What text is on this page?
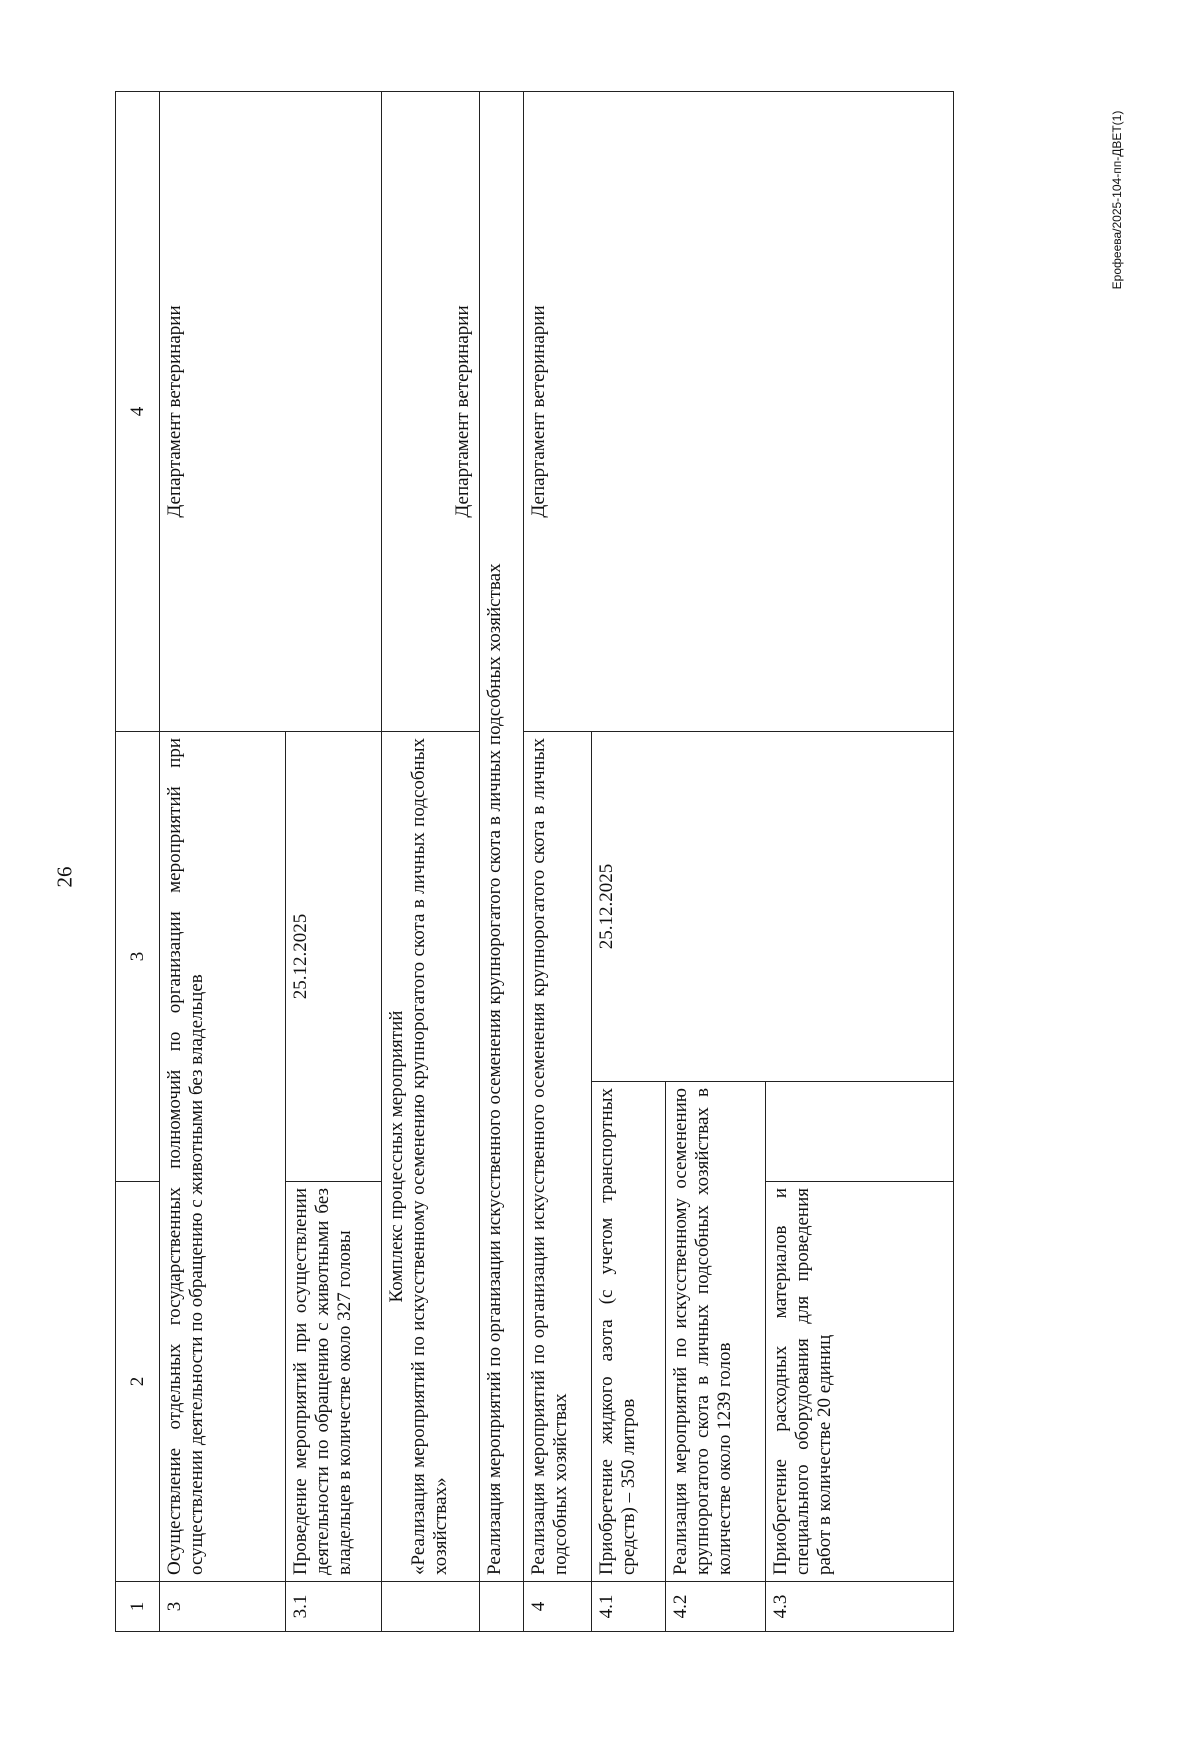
26
Ерофеева/2025-104-пп-ДВЕТ(1)
1	2	3		4
3	Осуществление отдельных государственных полномочий по организации мероприятий при осуществлении деятельности по обращению с животными без владельцев			Департамент ветеринарии
3.1	Проведение мероприятий при осуществлении деятельности по обращению с животными без владельцев в количестве около 327 головы	25.12.2025		
	Комплекс процессных мероприятий «Реализация мероприятий по искусственному осеменению крупнорогатого скота в личных подсобных хозяйствах»			Департамент ветеринарии
	Реализация мероприятий по организации искусственного осеменения крупнорогатого скота в личных подсобных хозяйствах			
4	Реализация мероприятий по организации искусственного осеменения крупнорогатого скота в личных подсобных хозяйствах			Департамент ветеринарии
4.1	Приобретение жидкого азота (с учетом транспортных средств) – 350 литров		25.12.2025	
4.2	Реализация мероприятий по искусственному осеменению крупнорогатого скота в личных подсобных хозяйствах в количестве около 1239 голов			
4.3	Приобретение расходных материалов и специального оборудования для проведения работ в количестве 20 единиц			
